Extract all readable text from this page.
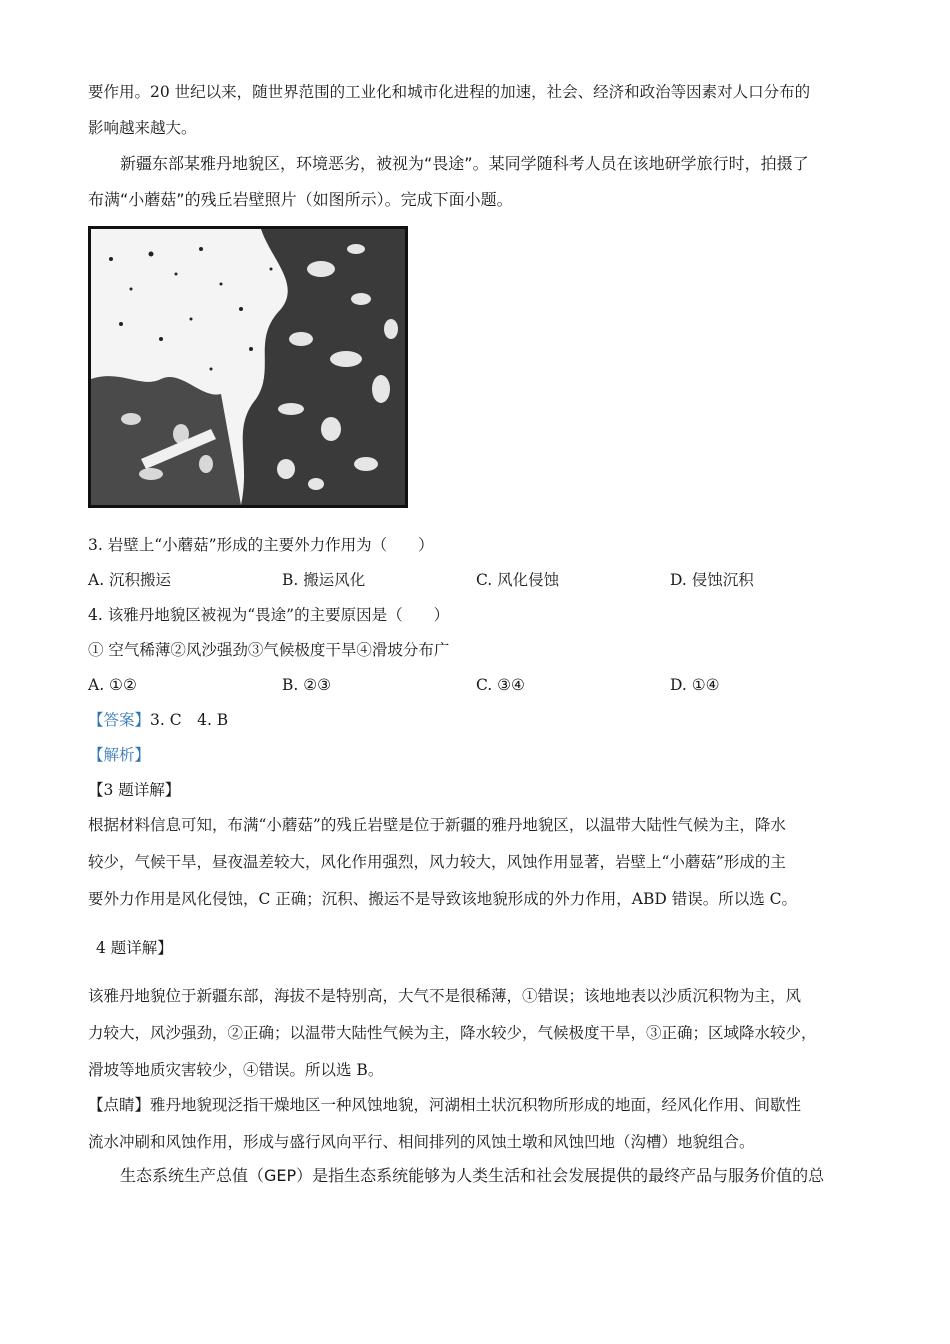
要作用。20 世纪以来，随世界范围的工业化和城市化进程的加速，社会、经济和政治等因素对人口分布的
影响越来越大。
新疆东部某雅丹地貌区，环境恶劣，被视为“畏途”。某同学随科考人员在该地研学旅行时，拍摄了
布满“小蘑菇”的残丘岩壁照片（如图所示）。完成下面小题。
3. 岩壁上“小蘑菇”形成的主要外力作用为（　　）
A. 沉积搬运	B. 搬运风化	C. 风化侵蚀	D. 侵蚀沉积
4. 该雅丹地貌区被视为“畏途”的主要原因是（　　）
① 空气稀薄②风沙强劲③气候极度干旱④滑坡分布广
A. ①②	B. ②③	C. ③④	D. ①④
【答案】3. C　4. B
【解析】
【3 题详解】
根据材料信息可知，布满“小蘑菇”的残丘岩壁是位于新疆的雅丹地貌区，以温带大陆性气候为主，降水
较少，气候干旱，昼夜温差较大，风化作用强烈，风力较大，风蚀作用显著，岩壁上“小蘑菇”形成的主
要外力作用是风化侵蚀，C 正确；沉积、搬运不是导致该地貌形成的外力作用，ABD 错误。所以选 C。
4 题详解】
该雅丹地貌位于新疆东部，海拔不是特别高，大气不是很稀薄，①错误；该地地表以沙质沉积物为主，风
力较大，风沙强劲，②正确；以温带大陆性气候为主，降水较少，气候极度干旱，③正确；区域降水较少，
滑坡等地质灾害较少，④错误。所以选 B。
【点睛】雅丹地貌现泛指干燥地区一种风蚀地貌，河湖相土状沉积物所形成的地面，经风化作用、间歇性
流水冲刷和风蚀作用，形成与盛行风向平行、相间排列的风蚀土墩和风蚀凹地（沟槽）地貌组合。
生态系统生产总值（GEP）是指生态系统能够为人类生活和社会发展提供的最终产品与服务价值的总
